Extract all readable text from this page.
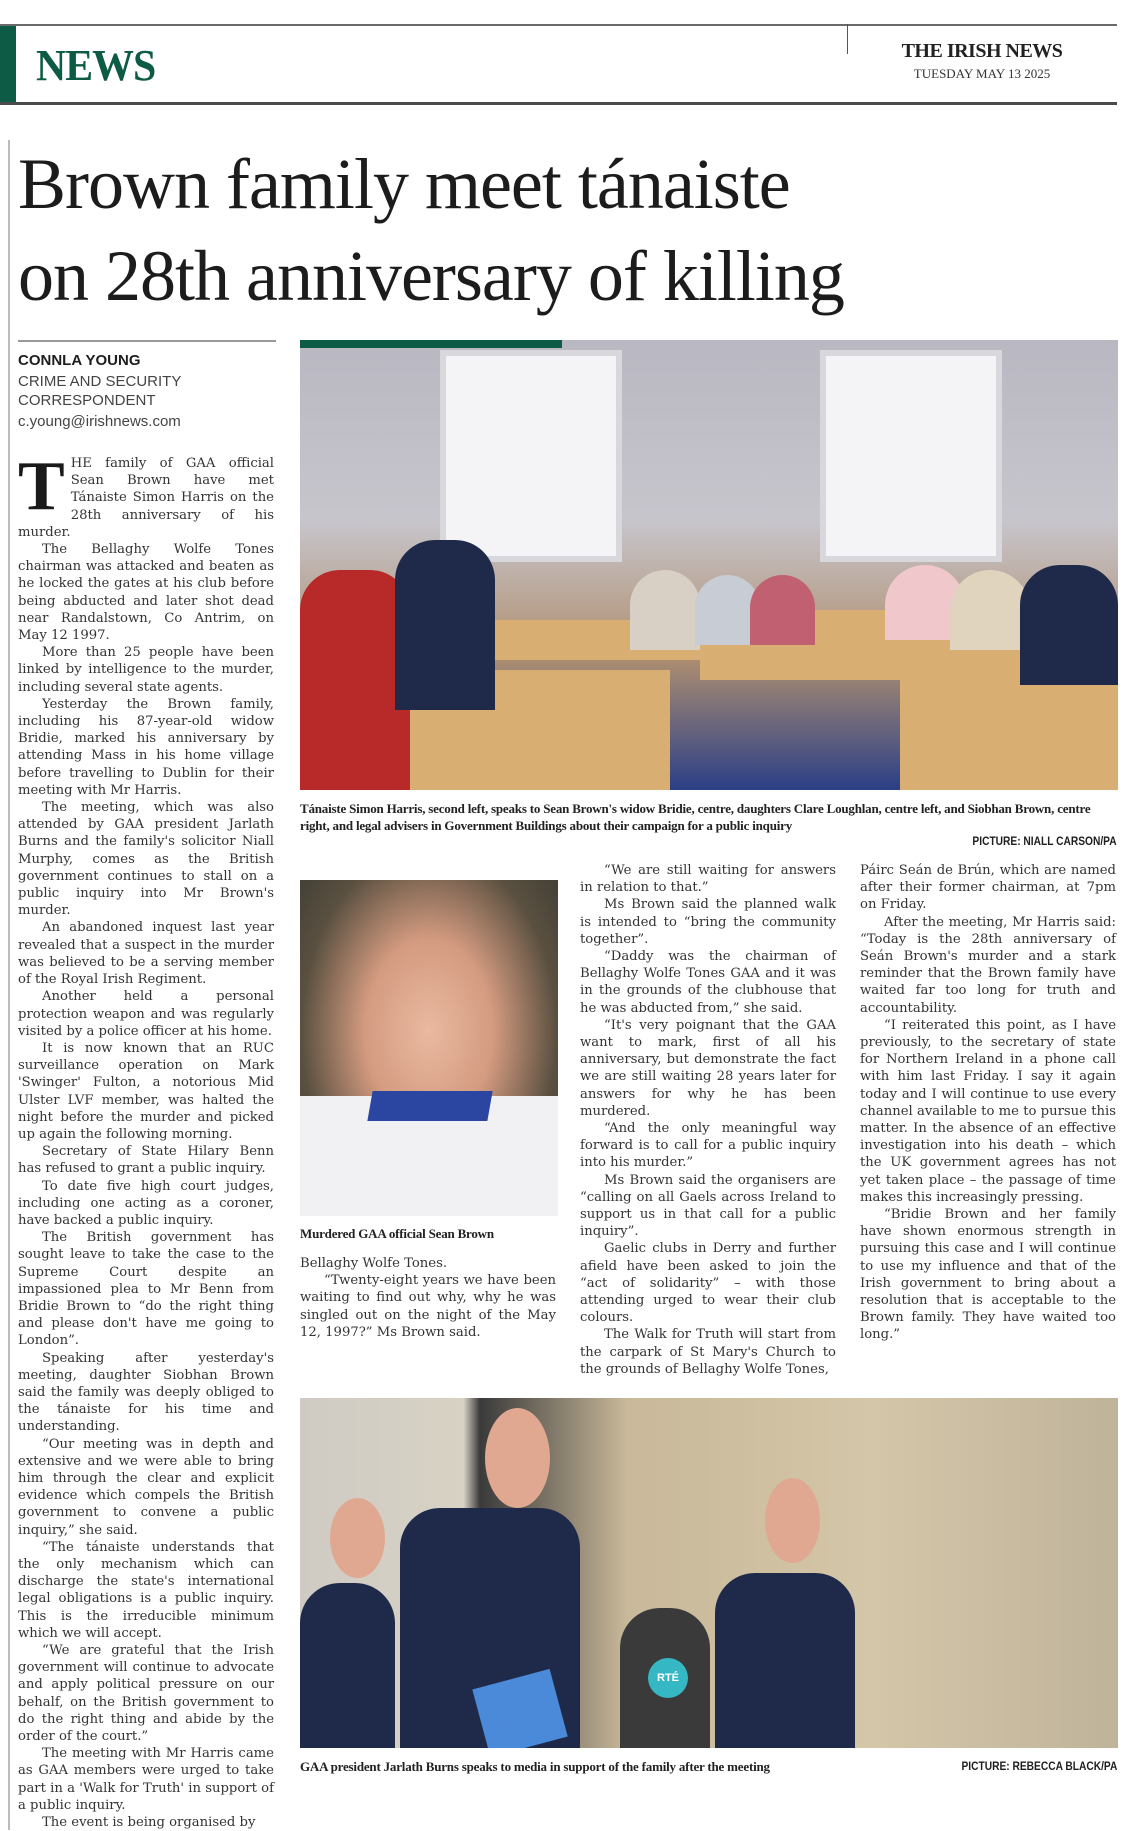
NEWS	THE IRISH NEWS
TUESDAY MAY 13 2025
Brown family meet tánaiste
on 28th anniversary of killing
CONNLA YOUNG
CRIME AND SECURITY CORRESPONDENT
c.young@irishnews.com

THE family of GAA official Sean Brown have met Tánaiste Simon Harris on the 28th anniversary of his murder.

The Bellaghy Wolfe Tones chairman was attacked and beaten as he locked the gates at his club before being abducted and later shot dead near Randalstown, Co Antrim, on May 12 1997.

More than 25 people have been linked by intelligence to the murder, including several state agents.

Yesterday the Brown family, including his 87-year-old widow Bridie, marked his anniversary by attending Mass in his home village before travelling to Dublin for their meeting with Mr Harris.

The meeting, which was also attended by GAA president Jarlath Burns and the family's solicitor Niall Murphy, comes as the British government continues to stall on a public inquiry into Mr Brown's murder.

An abandoned inquest last year revealed that a suspect in the murder was believed to be a serving member of the Royal Irish Regiment.

Another held a personal protection weapon and was regularly visited by a police officer at his home.

It is now known that an RUC surveillance operation on Mark 'Swinger' Fulton, a notorious Mid Ulster LVF member, was halted the night before the murder and picked up again the following morning.

Secretary of State Hilary Benn has refused to grant a public inquiry.

To date five high court judges, including one acting as a coroner, have backed a public inquiry.

The British government has sought leave to take the case to the Supreme Court despite an impassioned plea to Mr Benn from Bridie Brown to “do the right thing and please don't have me going to London”.

Speaking after yesterday's meeting, daughter Siobhan Brown said the family was deeply obliged to the tánaiste for his time and understanding.

“Our meeting was in depth and extensive and we were able to bring him through the clear and explicit evidence which compels the British government to convene a public inquiry,” she said.

“The tánaiste understands that the only mechanism which can discharge the state's international legal obligations is a public inquiry. This is the irreducible minimum which we will accept.

“We are grateful that the Irish government will continue to advocate and apply political pressure on our behalf, on the British government to do the right thing and abide by the order of the court.”

The meeting with Mr Harris came as GAA members were urged to take part in a 'Walk for Truth' in support of a public inquiry.

The event is being organised by

Tánaiste Simon Harris, second left, speaks to Sean Brown's widow Bridie, centre, daughters Clare Loughlan, centre left, and Siobhan Brown, centre right, and legal advisers in Government Buildings about their campaign for a public inquiry
PICTURE: NIALL CARSON/PA
Murdered GAA official Sean Brown

Bellaghy Wolfe Tones.

“Twenty-eight years we have been waiting to find out why, why he was singled out on the night of the May 12, 1997?” Ms Brown said.

“We are still waiting for answers in relation to that.”

Ms Brown said the planned walk is intended to “bring the community together”.

“Daddy was the chairman of Bellaghy Wolfe Tones GAA and it was in the grounds of the clubhouse that he was abducted from,” she said.

“It's very poignant that the GAA want to mark, first of all his anniversary, but demonstrate the fact we are still waiting 28 years later for answers for why he has been murdered.

“And the only meaningful way forward is to call for a public inquiry into his murder.”

Ms Brown said the organisers are “calling on all Gaels across Ireland to support us in that call for a public inquiry”.

Gaelic clubs in Derry and further afield have been asked to join the “act of solidarity” – with those attending urged to wear their club colours.

The Walk for Truth will start from the carpark of St Mary's Church to the grounds of Bellaghy Wolfe Tones,

Páirc Seán de Brún, which are named after their former chairman, at 7pm on Friday.

After the meeting, Mr Harris said: “Today is the 28th anniversary of Seán Brown's murder and a stark reminder that the Brown family have waited far too long for truth and accountability.

“I reiterated this point, as I have previously, to the secretary of state for Northern Ireland in a phone call with him last Friday. I say it again today and I will continue to use every channel available to me to pursue this matter. In the absence of an effective investigation into his death – which the UK government agrees has not yet taken place – the passage of time makes this increasingly pressing.

“Bridie Brown and her family have shown enormous strength in pursuing this case and I will continue to use my influence and that of the Irish government to bring about a resolution that is acceptable to the Brown family. They have waited too long.”

RTÉ
GAA president Jarlath Burns speaks to media in support of the family after the meeting	PICTURE: REBECCA BLACK/PA
